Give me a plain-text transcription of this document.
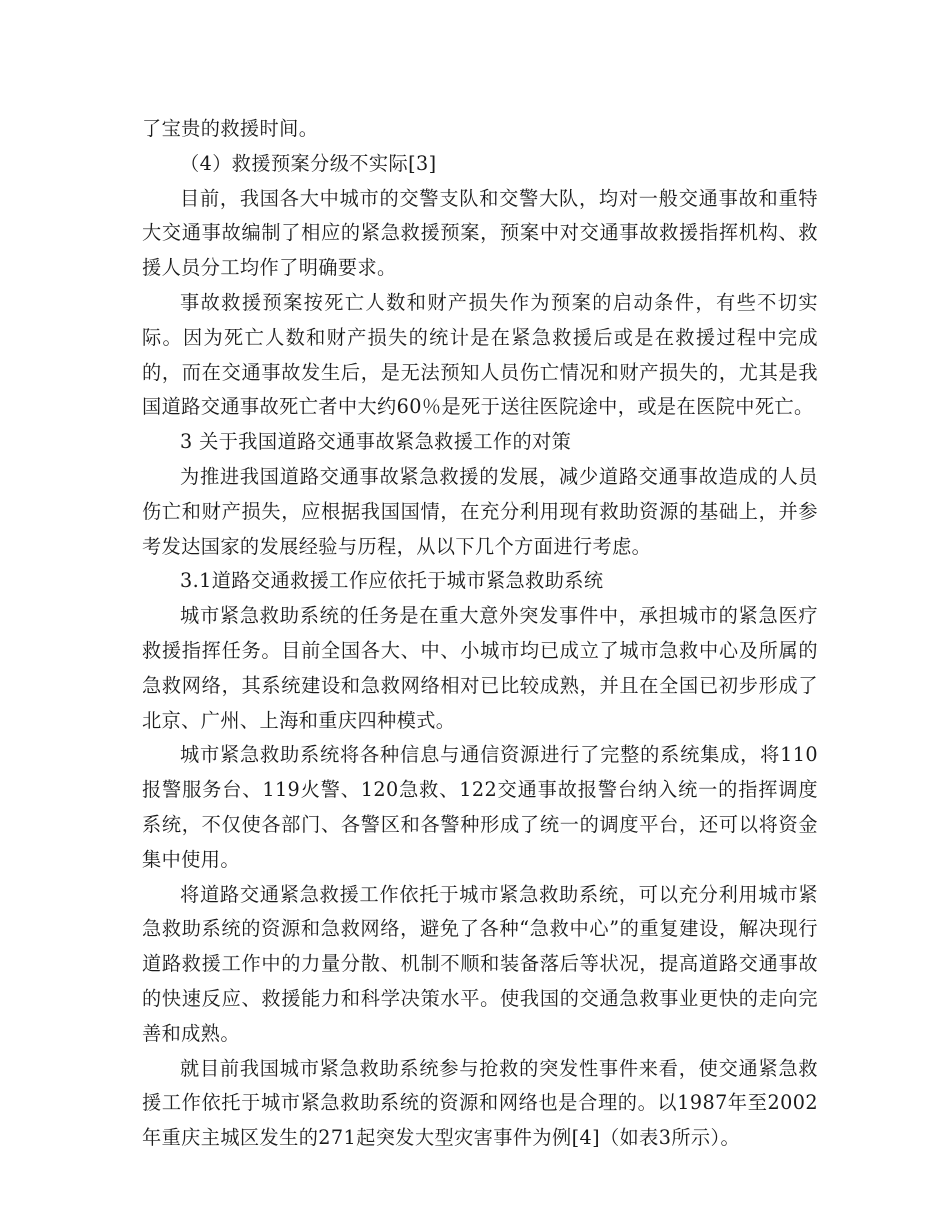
了宝贵的救援时间。

（4）救援预案分级不实际[3]

目前，我国各大中城市的交警支队和交警大队，均对一般交通事故和重特大交通事故编制了相应的紧急救援预案，预案中对交通事故救援指挥机构、救援人员分工均作了明确要求。

事故救援预案按死亡人数和财产损失作为预案的启动条件，有些不切实际。因为死亡人数和财产损失的统计是在紧急救援后或是在救援过程中完成的，而在交通事故发生后，是无法预知人员伤亡情况和财产损失的，尤其是我国道路交通事故死亡者中大约60％是死于送往医院途中，或是在医院中死亡。

3 关于我国道路交通事故紧急救援工作的对策

为推进我国道路交通事故紧急救援的发展，减少道路交通事故造成的人员伤亡和财产损失，应根据我国国情，在充分利用现有救助资源的基础上，并参考发达国家的发展经验与历程，从以下几个方面进行考虑。

3.1道路交通救援工作应依托于城市紧急救助系统

城市紧急救助系统的任务是在重大意外突发事件中，承担城市的紧急医疗救援指挥任务。目前全国各大、中、小城市均已成立了城市急救中心及所属的急救网络，其系统建设和急救网络相对已比较成熟，并且在全国已初步形成了北京、广州、上海和重庆四种模式。

城市紧急救助系统将各种信息与通信资源进行了完整的系统集成，将110报警服务台、119火警、120急救、122交通事故报警台纳入统一的指挥调度系统，不仅使各部门、各警区和各警种形成了统一的调度平台，还可以将资金集中使用。

将道路交通紧急救援工作依托于城市紧急救助系统，可以充分利用城市紧急救助系统的资源和急救网络，避免了各种“急救中心”的重复建设，解决现行道路救援工作中的力量分散、机制不顺和装备落后等状况，提高道路交通事故的快速反应、救援能力和科学决策水平。使我国的交通急救事业更快的走向完善和成熟。

就目前我国城市紧急救助系统参与抢救的突发性事件来看，使交通紧急救援工作依托于城市紧急救助系统的资源和网络也是合理的。以1987年至2002年重庆主城区发生的271起突发大型灾害事件为例[4]（如表3所示）。
